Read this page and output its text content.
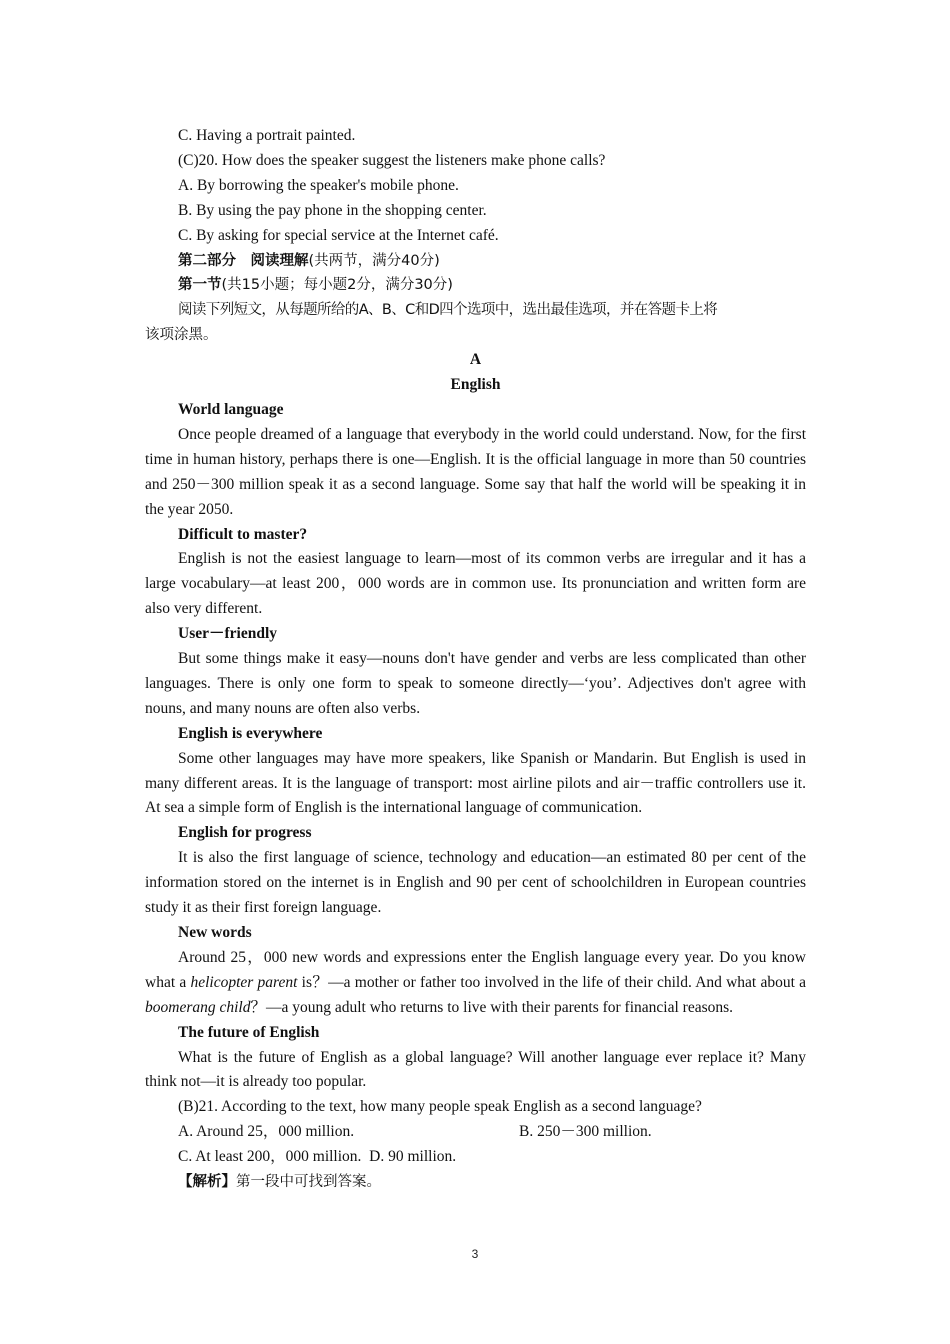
C. Having a portrait painted.
(C)20. How does the speaker suggest the listeners make phone calls?
A. By borrowing the speaker's mobile phone.
B. By using the pay phone in the shopping center.
C. By asking for special service at the Internet café.
第二部分　阅读理解(共两节，满分40分)
第一节(共15小题；每小题2分，满分30分)
阅读下列短文，从每题所给的A、B、C和D四个选项中，选出最佳选项，并在答题卡上将
该项涂黑。
A
English
World language
Once people dreamed of a language that everybody in the world could understand. Now, for the first time in human history, perhaps there is one—English. It is the official language in more than 50 countries and 250－300 million speak it as a second language. Some say that half the world will be speaking it in the year 2050.
Difficult to master?
English is not the easiest language to learn—most of its common verbs are irregular and it has a large vocabulary—at least 200，000 words are in common use. Its pronunciation and written form are also very different.
User－friendly
But some things make it easy—nouns don't have gender and verbs are less complicated than other languages. There is only one form to speak to someone directly—‘you’. Adjectives don't agree with nouns, and many nouns are often also verbs.
English is everywhere
Some other languages may have more speakers, like Spanish or Mandarin. But English is used in many different areas. It is the language of transport: most airline pilots and air－traffic controllers use it. At sea a simple form of English is the international language of communication.
English for progress
It is also the first language of science, technology and education—an estimated 80 per cent of the information stored on the internet is in English and 90 per cent of schoolchildren in European countries study it as their first foreign language.
New words
Around 25，000 new words and expressions enter the English language every year. Do you know what a helicopter parent is？—a mother or father too involved in the life of their child. And what about a boomerang child？—a young adult who returns to live with their parents for financial reasons.
The future of English
What is the future of English as a global language? Will another language ever replace it? Many think not—it is already too popular.
(B)21. According to the text, how many people speak English as a second language?
A. Around 25，000 million.	B. 250－300 million.
C. At least 200，000 million. D. 90 million.
【解析】第一段中可找到答案。
3
